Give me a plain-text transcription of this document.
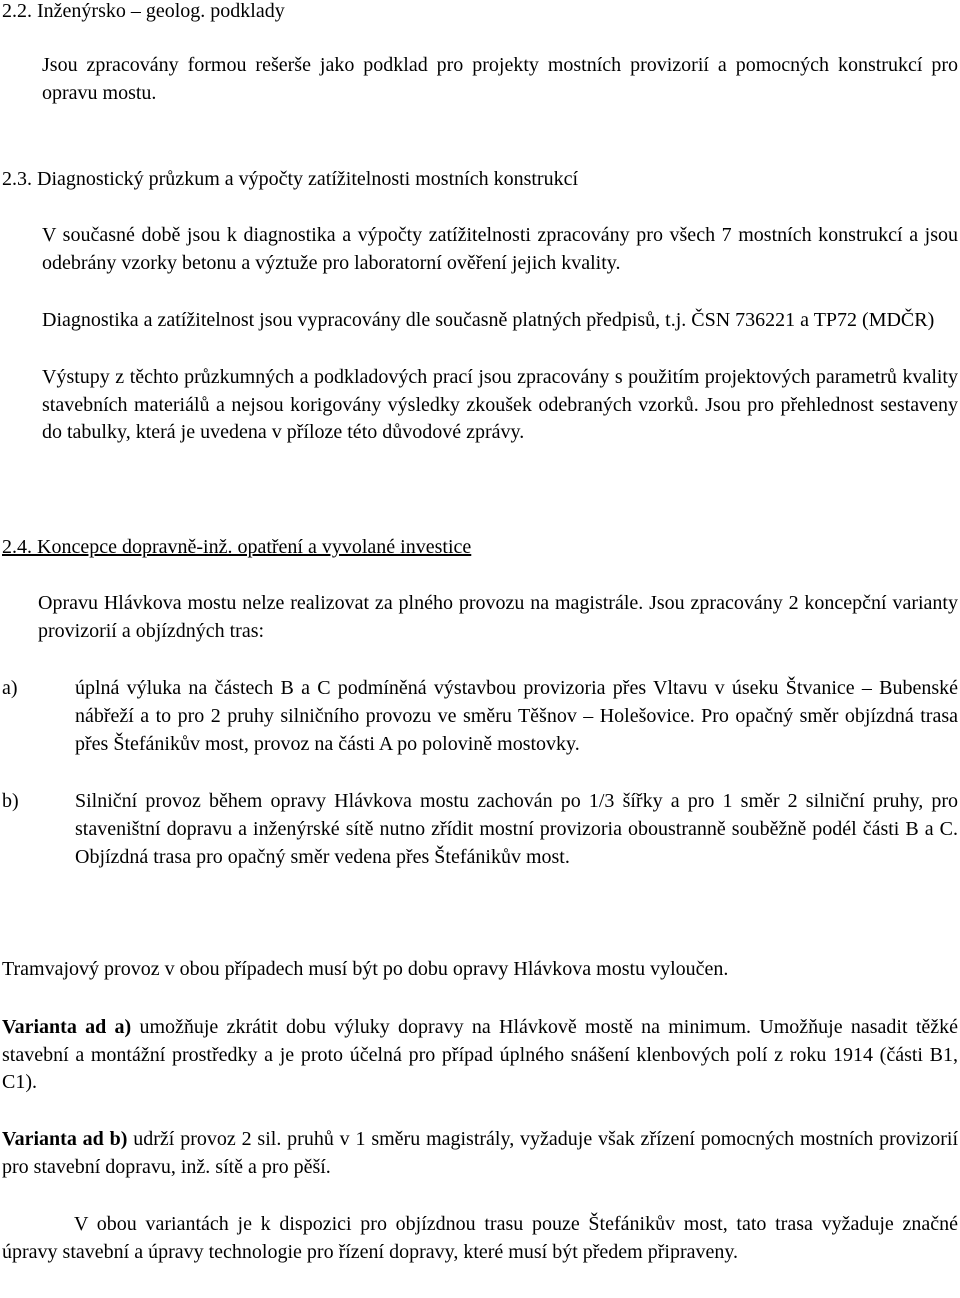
2.2. Inženýrsko – geolog. podklady

Jsou zpracovány formou rešerše jako podklad pro projekty mostních provizorií a pomocných konstrukcí pro opravu mostu.

2.3. Diagnostický průzkum a výpočty zatížitelnosti mostních konstrukcí

V současné době jsou k diagnostika a výpočty zatížitelnosti zpracovány pro všech 7 mostních konstrukcí a jsou odebrány vzorky betonu a výztuže pro laboratorní ověření jejich kvality.

Diagnostika a zatížitelnost jsou vypracovány dle současně platných předpisů, t.j. ČSN 736221 a TP72 (MDČR)

Výstupy z těchto průzkumných a podkladových prací jsou zpracovány s použitím projektových parametrů kvality stavebních materiálů a nejsou korigovány výsledky zkoušek odebraných vzorků. Jsou pro přehlednost sestaveny do tabulky, která je uvedena v příloze této důvodové zprávy.

2.4. Koncepce dopravně-inž. opatření a vyvolané investice

Opravu Hlávkova mostu nelze realizovat za plného provozu na magistrále. Jsou zpracovány 2 koncepční varianty provizorií a objízdných tras:

a)	úplná výluka na částech B a C podmíněná výstavbou provizoria přes Vltavu v úseku Štvanice – Bubenské nábřeží a to pro 2 pruhy silničního provozu ve směru Těšnov – Holešovice. Pro opačný směr objízdná trasa přes Štefánikův most, provoz na části A po polovině mostovky.
b)	Silniční provoz během opravy Hlávkova mostu zachován po 1/3 šířky a pro 1 směr 2 silniční pruhy, pro staveništní dopravu a inženýrské sítě nutno zřídit mostní provizoria oboustranně souběžně podél části B a C. Objízdná trasa pro opačný směr vedena přes Štefánikův most.

Tramvajový provoz v obou případech musí být po dobu opravy Hlávkova mostu vyloučen.

Varianta ad a) umožňuje zkrátit dobu výluky dopravy na Hlávkově mostě na minimum. Umožňuje nasadit těžké stavební a montážní prostředky a je proto účelná pro případ úplného snášení klenbových polí z roku 1914 (části B1, C1).

Varianta ad b) udrží provoz 2 sil. pruhů v 1 směru magistrály, vyžaduje však zřízení pomocných mostních provizorií pro stavební dopravu, inž. sítě a pro pěší.

V obou variantách je k dispozici pro objízdnou trasu pouze Štefánikův most, tato trasa vyžaduje značné úpravy stavební a úpravy technologie pro řízení dopravy, které musí být předem připraveny.
